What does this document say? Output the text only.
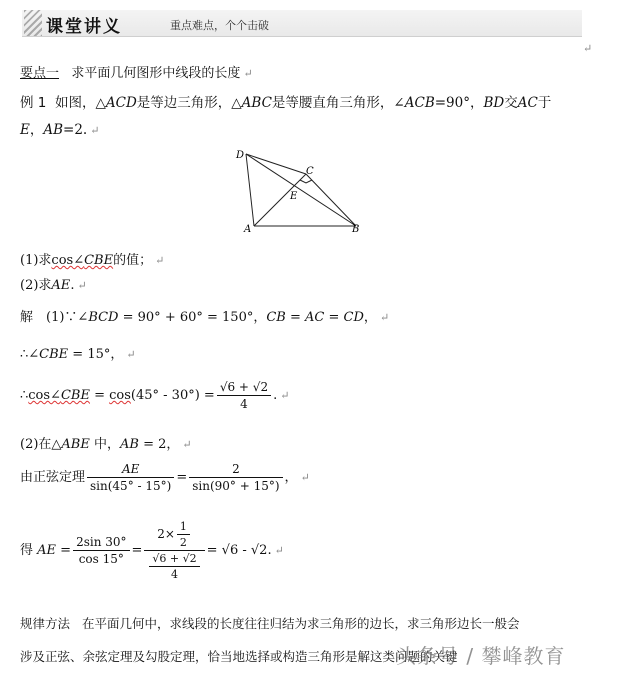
课堂讲义	重点难点，个个击破
↵
要点一 求平面几何图形中线段的长度 ↵
例 1 如图，△ACD是等边三角形，△ABC是等腰直角三角形，∠ACB=90°，BD交AC于
E，AB=2. ↵
D
C
E
A	B
(1)求cos∠CBE的值； ↵
(2)求AE. ↵
解　(1)∵∠BCD = 90° + 60° = 150°，CB = AC = CD， ↵
∴∠CBE = 15°， ↵
∴cos∠CBE = $\cos(45^\circ - 30^\circ) = \frac{√6 + √2}{4}$ . ↵
(2)在△ABE 中，AB = 2， ↵
由正弦定理 $\frac{AE}{\sin(45^\circ - 15^\circ)} = \frac{2}{\sin(90^\circ + 15^\circ)}$ ， ↵
得 AE = $\frac{2\sin 30^\circ}{\cos 15^\circ} = \frac{2\times \frac{1}{2}}{\frac{√6 + √2}{4}} = √6 - √2$. ↵
规律方法 在平面几何中，求线段的长度往往归结为求三角形的边长，求三角形边长一般会
涉及正弦、余弦定理及勾股定理，恰当地选择或构造三角形是解这类问题的关键
头条号 / 攀峰教育
